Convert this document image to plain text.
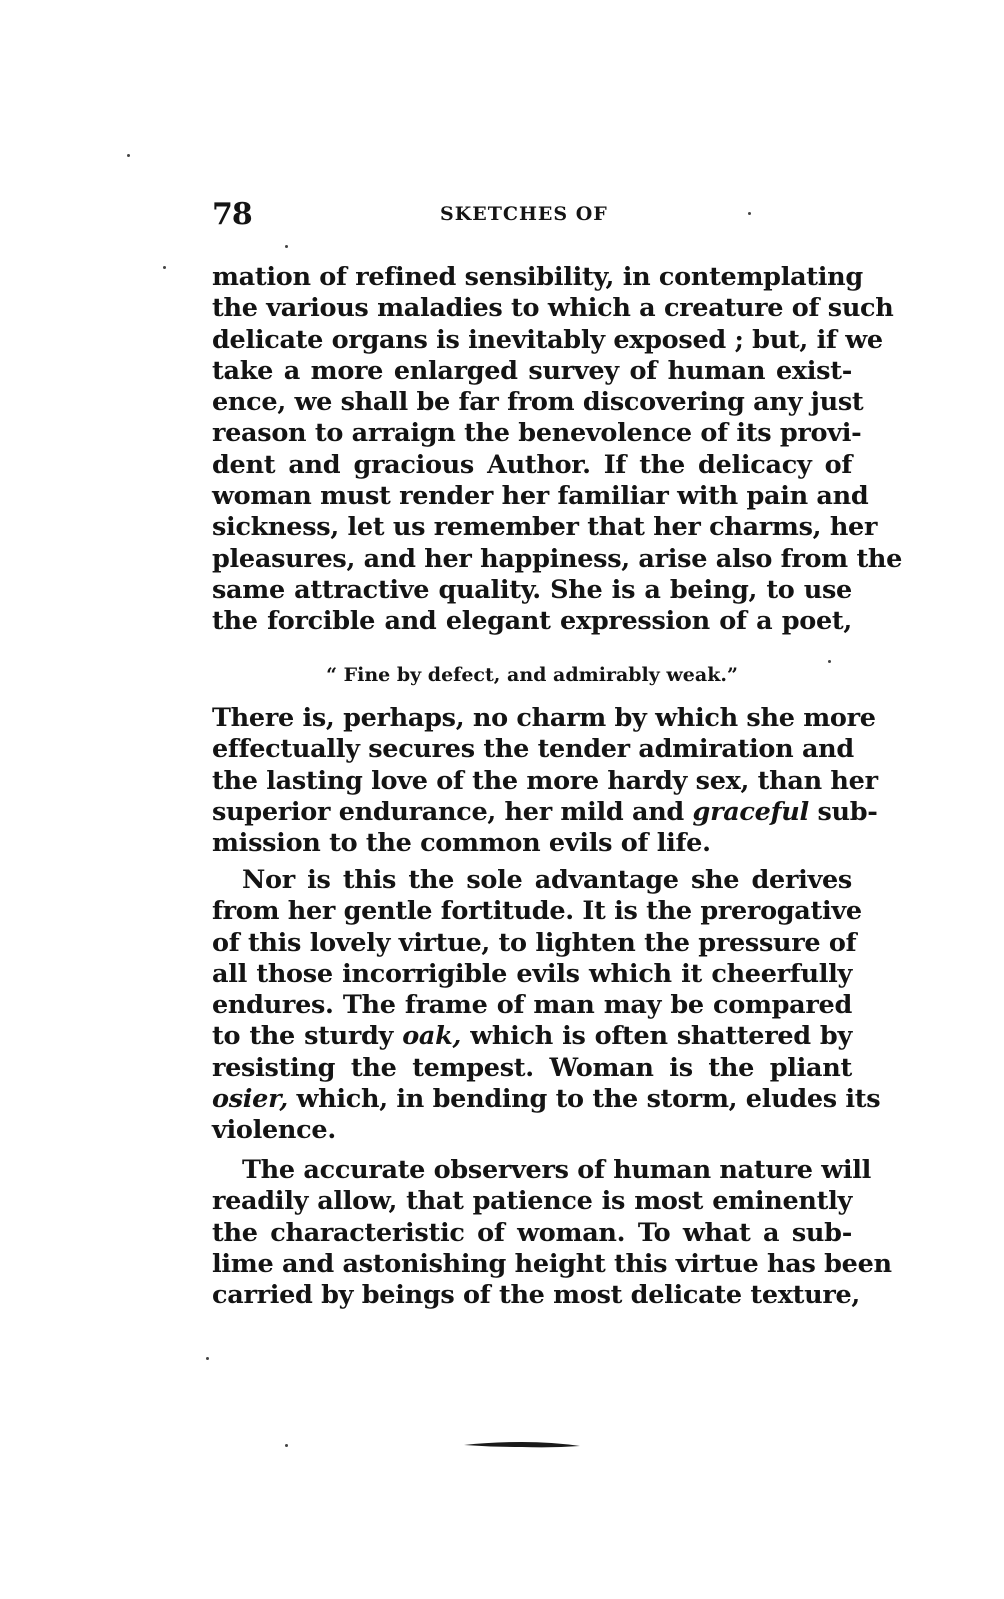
78	SKETCHES OF
mation of refined sensibility, in contemplating
the various maladies to which a creature of such
delicate organs is inevitably exposed ; but, if we
take a more enlarged survey of human exist-
ence, we shall be far from discovering any just
reason to arraign the benevolence of its provi-
dent and gracious Author. If the delicacy of
woman must render her familiar with pain and
sickness, let us remember that her charms, her
pleasures, and her happiness, arise also from the
same attractive quality. She is a being, to use
the forcible and elegant expression of a poet,
“ Fine by defect, and admirably weak.”
There is, perhaps, no charm by which she more
effectually secures the tender admiration and
the lasting love of the more hardy sex, than her
superior endurance, her mild and graceful sub-
mission to the common evils of life.
Nor is this the sole advantage she derives
from her gentle fortitude. It is the prerogative
of this lovely virtue, to lighten the pressure of
all those incorrigible evils which it cheerfully
endures. The frame of man may be compared
to the sturdy oak, which is often shattered by
resisting the tempest. Woman is the pliant
osier, which, in bending to the storm, eludes its
violence.
The accurate observers of human nature will
readily allow, that patience is most eminently
the characteristic of woman. To what a sub-
lime and astonishing height this virtue has been
carried by beings of the most delicate texture,
